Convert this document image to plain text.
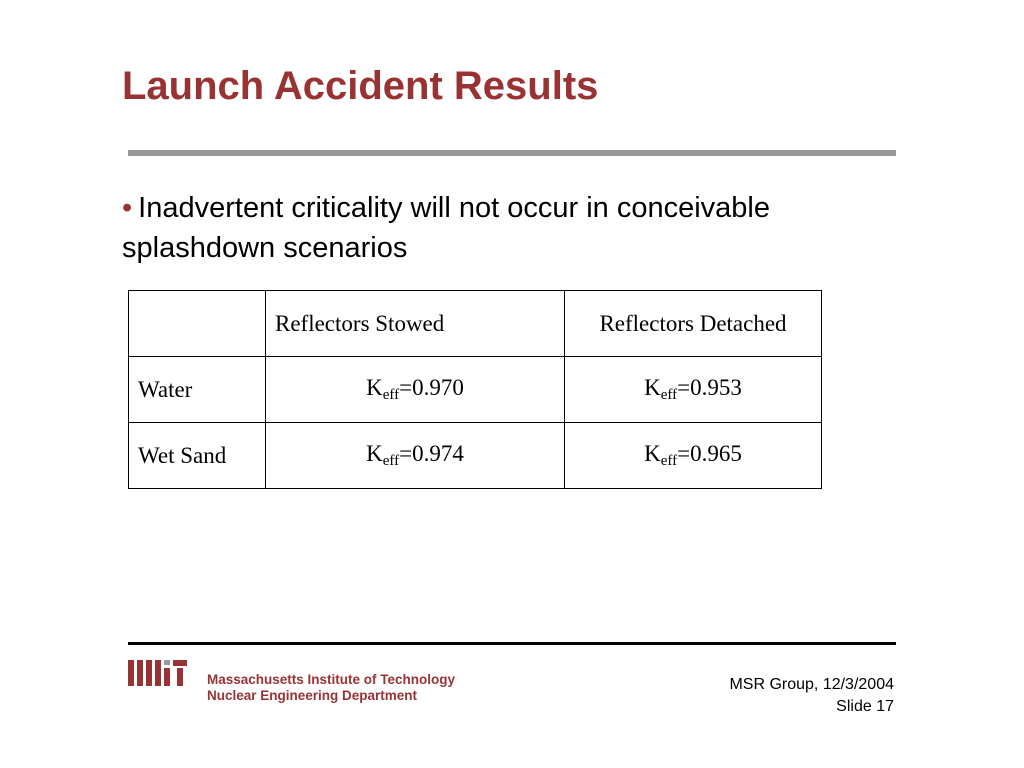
Launch Accident Results
• Inadvertent criticality will not occur in conceivable splashdown scenarios
	Reflectors Stowed	Reflectors Detached
Water	Keff=0.970	Keff=0.953
Wet Sand	Keff=0.974	Keff=0.965
Massachusetts Institute of Technology
Nuclear Engineering Department
MSR Group, 12/3/2004
Slide 17
